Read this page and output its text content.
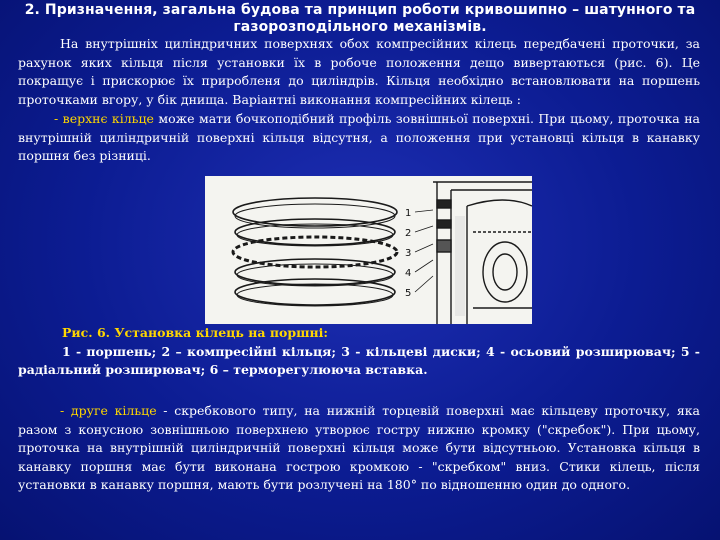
2. Призначення, загальна будова та принцип роботи кривошипно – шатунного та газорозподільного механізмів.

На внутрішніх циліндричних поверхнях обох компресійних кілець передбачені проточки, за рахунок яких кільця після установки їх в робоче положення дещо вивертаються (рис. 6). Це покращує і прискорює їх приробленя до циліндрів. Кільця необхідно встановлювати на поршень проточками вгору, у бік днища. Варіантні виконання компресійних кілець :

- верхнє кільце може мати бочкоподібний профіль зовнішньої поверхні. При цьому, проточка на внутрішній циліндричній поверхні кільця відсутня, а положення при установці кільця в канавку поршня без різниці.

1
2
3
4
5
Рис. 6. Установка кілець на поршні:
1 - поршень; 2 – компресійні кільця; 3 - кільцеві диски; 4 - осьовий розширювач; 5 - радіальний розширювач; 6 – терморегулююча вставка.

- друге кільце - скребкового типу, на нижній торцевій поверхні має кільцеву проточку, яка разом з конусною зовнішньою поверхнею утворює гостру нижню кромку ("скребок"). При цьому, проточка на внутрішній циліндричній поверхні кільця може бути відсутньою. Установка кільця в канавку поршня має бути виконана гострою кромкою - "скребком" вниз. Стики кілець, після установки в канавку поршня, мають бути розлучені на 180° по відношенню один до одного.
